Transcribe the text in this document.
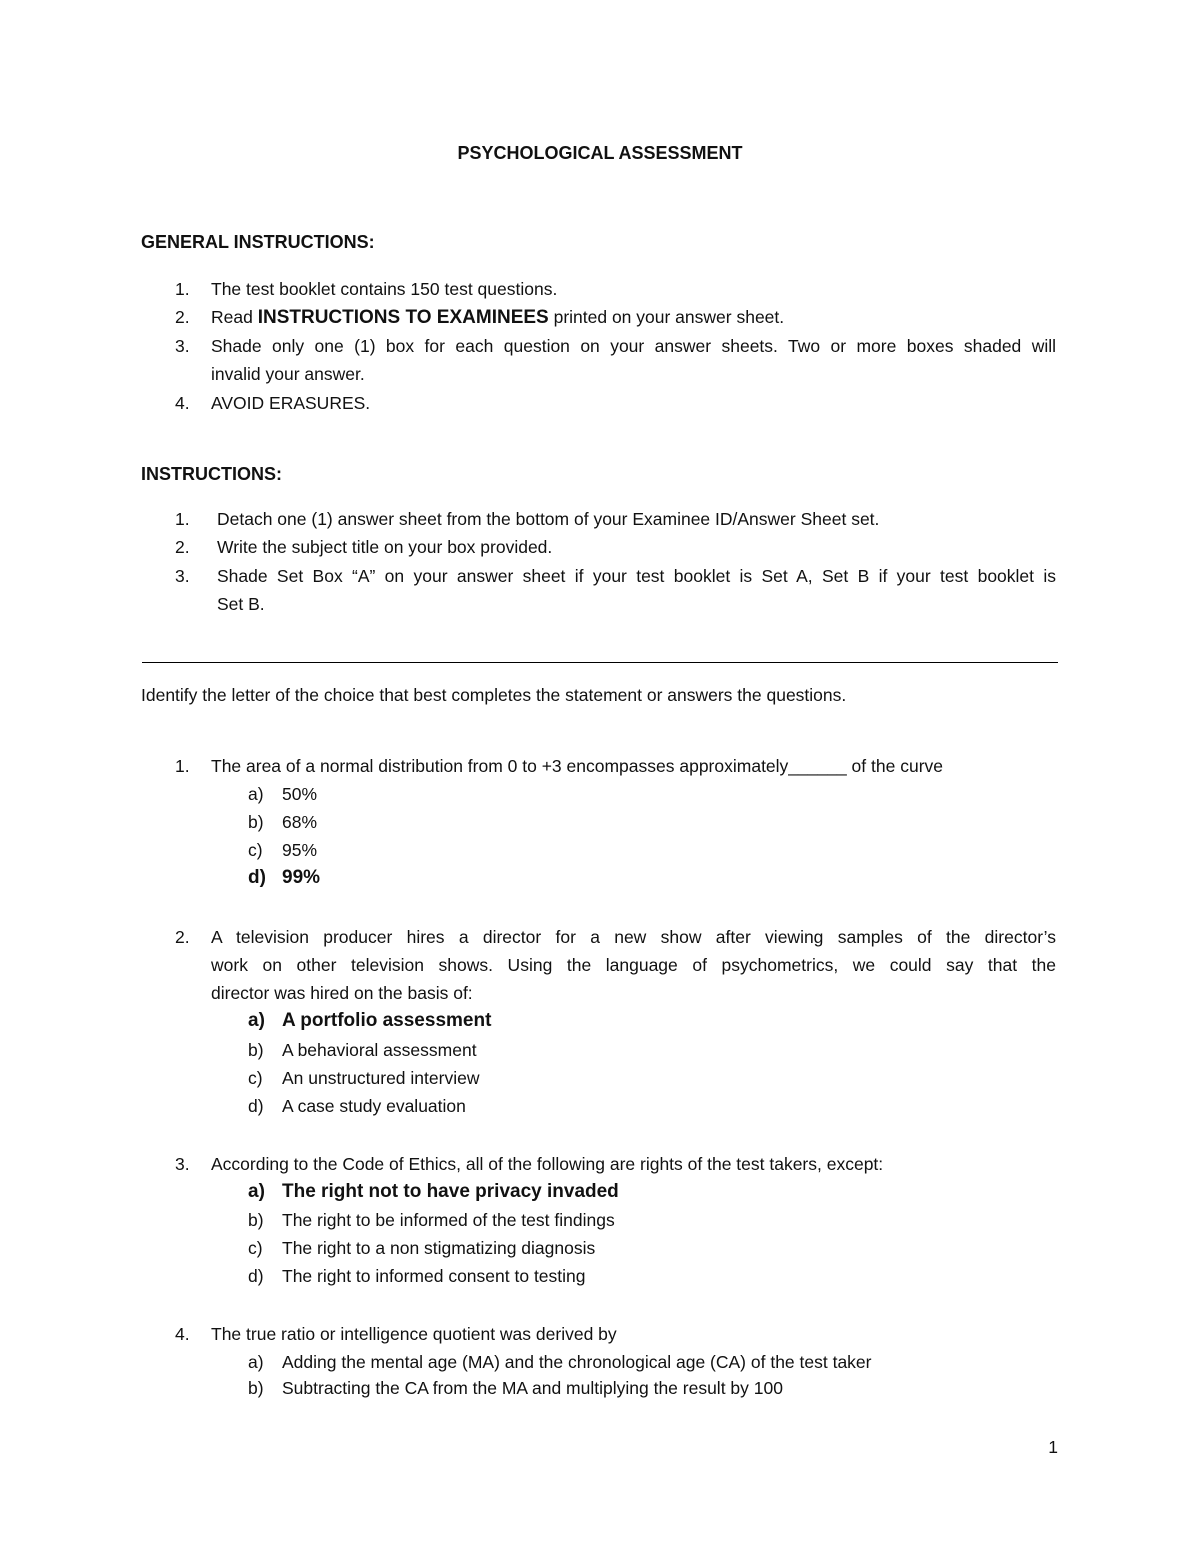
PSYCHOLOGICAL ASSESSMENT
GENERAL INSTRUCTIONS:
1. The test booklet contains 150 test questions.
2. Read INSTRUCTIONS TO EXAMINEES printed on your answer sheet.
3. Shade only one (1) box for each question on your answer sheets. Two or more boxes shaded will
invalid your answer.
4. AVOID ERASURES.
INSTRUCTIONS:
1. Detach one (1) answer sheet from the bottom of your Examinee ID/Answer Sheet set.
2. Write the subject title on your box provided.
3. Shade Set Box “A” on your answer sheet if your test booklet is Set A, Set B if your test booklet is
Set B.
Identify the letter of the choice that best completes the statement or answers the questions.
1. The area of a normal distribution from 0 to +3 encompasses approximately______ of the curve
a) 50%
b) 68%
c) 95%
d) 99%
2. A television producer hires a director for a new show after viewing samples of the director’s
work on other television shows. Using the language of psychometrics, we could say that the
director was hired on the basis of:
a) A portfolio assessment
b) A behavioral assessment
c) An unstructured interview
d) A case study evaluation
3. According to the Code of Ethics, all of the following are rights of the test takers, except:
a) The right not to have privacy invaded
b) The right to be informed of the test findings
c) The right to a non stigmatizing diagnosis
d) The right to informed consent to testing
4. The true ratio or intelligence quotient was derived by
a) Adding the mental age (MA) and the chronological age (CA) of the test taker
b) Subtracting the CA from the MA and multiplying the result by 100
1
